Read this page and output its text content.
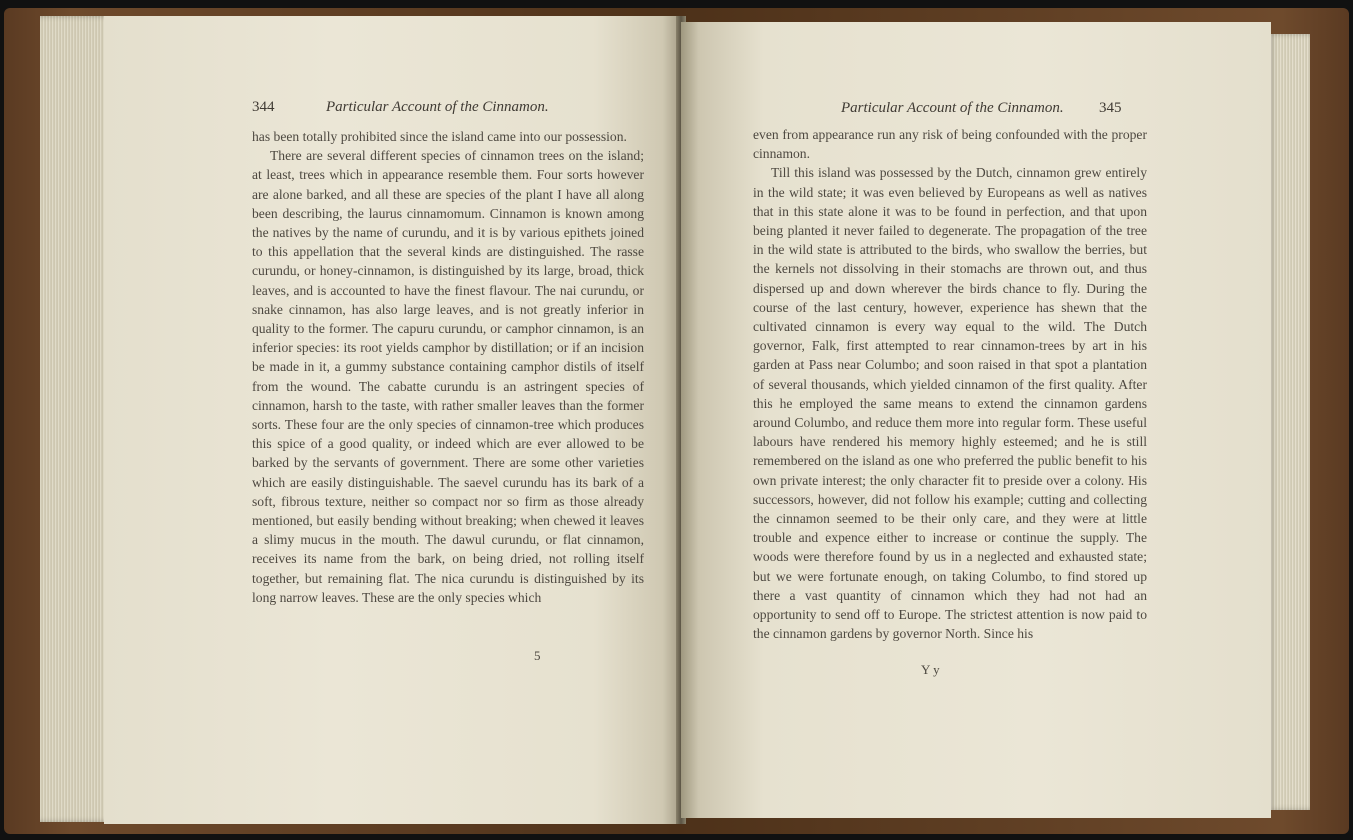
344	Particular Account of the Cinnamon.

has been totally prohibited since the island came into our possession.

There are several different species of cinnamon trees on the island; at least, trees which in appearance resemble them. Four sorts however are alone barked, and all these are species of the plant I have all along been describing, the laurus cinnamomum. Cinnamon is known among the natives by the name of curundu, and it is by various epithets joined to this appellation that the several kinds are distinguished. The rasse curundu, or honey-cinnamon, is distinguished by its large, broad, thick leaves, and is accounted to have the finest flavour. The nai curundu, or snake cinnamon, has also large leaves, and is not greatly inferior in quality to the former. The capuru curundu, or camphor cinnamon, is an inferior species: its root yields camphor by distillation; or if an incision be made in it, a gummy substance containing camphor distils of itself from the wound. The cabatte curundu is an astringent species of cinnamon, harsh to the taste, with rather smaller leaves than the former sorts. These four are the only species of cinnamon-tree which produces this spice of a good quality, or indeed which are ever allowed to be barked by the servants of government. There are some other varieties which are easily distinguishable. The saevel curundu has its bark of a soft, fibrous texture, neither so compact nor so firm as those already mentioned, but easily bending without breaking; when chewed it leaves a slimy mucus in the mouth. The dawul curundu, or flat cinnamon, receives its name from the bark, on being dried, not rolling itself together, but remaining flat. The nica curundu is distinguished by its long narrow leaves. These are the only species which

5
Particular Account of the Cinnamon. 345

even from appearance run any risk of being confounded with the proper cinnamon.

Till this island was possessed by the Dutch, cinnamon grew entirely in the wild state; it was even believed by Europeans as well as natives that in this state alone it was to be found in perfection, and that upon being planted it never failed to degenerate. The propagation of the tree in the wild state is attributed to the birds, who swallow the berries, but the kernels not dissolving in their stomachs are thrown out, and thus dispersed up and down wherever the birds chance to fly. During the course of the last century, however, experience has shewn that the cultivated cinnamon is every way equal to the wild. The Dutch governor, Falk, first attempted to rear cinnamon-trees by art in his garden at Pass near Columbo; and soon raised in that spot a plantation of several thousands, which yielded cinnamon of the first quality. After this he employed the same means to extend the cinnamon gardens around Columbo, and reduce them more into regular form. These useful labours have rendered his memory highly esteemed; and he is still remembered on the island as one who preferred the public benefit to his own private interest; the only character fit to preside over a colony. His successors, however, did not follow his example; cutting and collecting the cinnamon seemed to be their only care, and they were at little trouble and expence either to increase or continue the supply. The woods were therefore found by us in a neglected and exhausted state; but we were fortunate enough, on taking Columbo, to find stored up there a vast quantity of cinnamon which they had not had an opportunity to send off to Europe. The strictest attention is now paid to the cinnamon gardens by governor North. Since his

Y y
